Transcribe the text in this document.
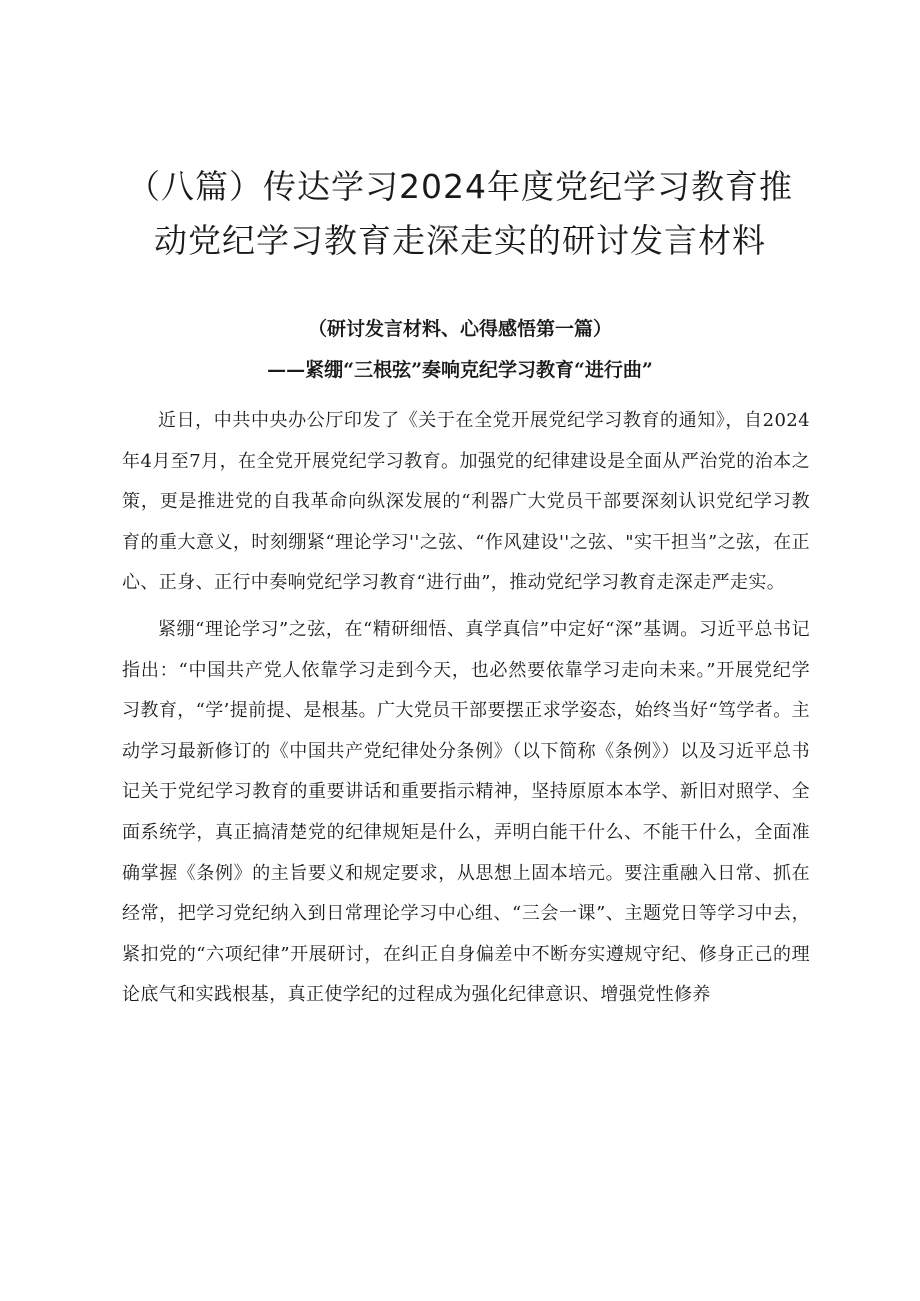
（八篇）传达学习2024年度党纪学习教育推
动党纪学习教育走深走实的研讨发言材料

（研讨发言材料、心得感悟第一篇）

——紧绷“三根弦”奏响克纪学习教育“进行曲”

近日，中共中央办公厅印发了《关于在全党开展党纪学习教育的通知》，自2024年4月至7月，在全党开展党纪学习教育。加强党的纪律建设是全面从严治党的治本之策，更是推进党的自我革命向纵深发展的“利器广大党员干部要深刻认识党纪学习教育的重大意义，时刻绷紧“理论学习''之弦、“作风建设''之弦、"实干担当”之弦，在正心、正身、正行中奏响党纪学习教育“进行曲”，推动党纪学习教育走深走严走实。

紧绷“理论学习”之弦，在“精研细悟、真学真信”中定好“深”基调。习近平总书记指出：“中国共产党人依靠学习走到今天，也必然要依靠学习走向未来。”开展党纪学习教育，“学’提前提、是根基。广大党员干部要摆正求学姿态，始终当好“笃学者。主动学习最新修订的《中国共产党纪律处分条例》（以下简称《条例》）以及习近平总书记关于党纪学习教育的重要讲话和重要指示精神，坚持原原本本学、新旧对照学、全面系统学，真正搞清楚党的纪律规矩是什么，弄明白能干什么、不能干什么，全面准确掌握《条例》的主旨要义和规定要求，从思想上固本培元。要注重融入日常、抓在经常，把学习党纪纳入到日常理论学习中心组、“三会一课”、主题党日等学习中去，紧扣党的“六项纪律”开展研讨，在纠正自身偏差中不断夯实遵规守纪、修身正己的理论底气和实践根基，真正使学纪的过程成为强化纪律意识、增强党性修养
